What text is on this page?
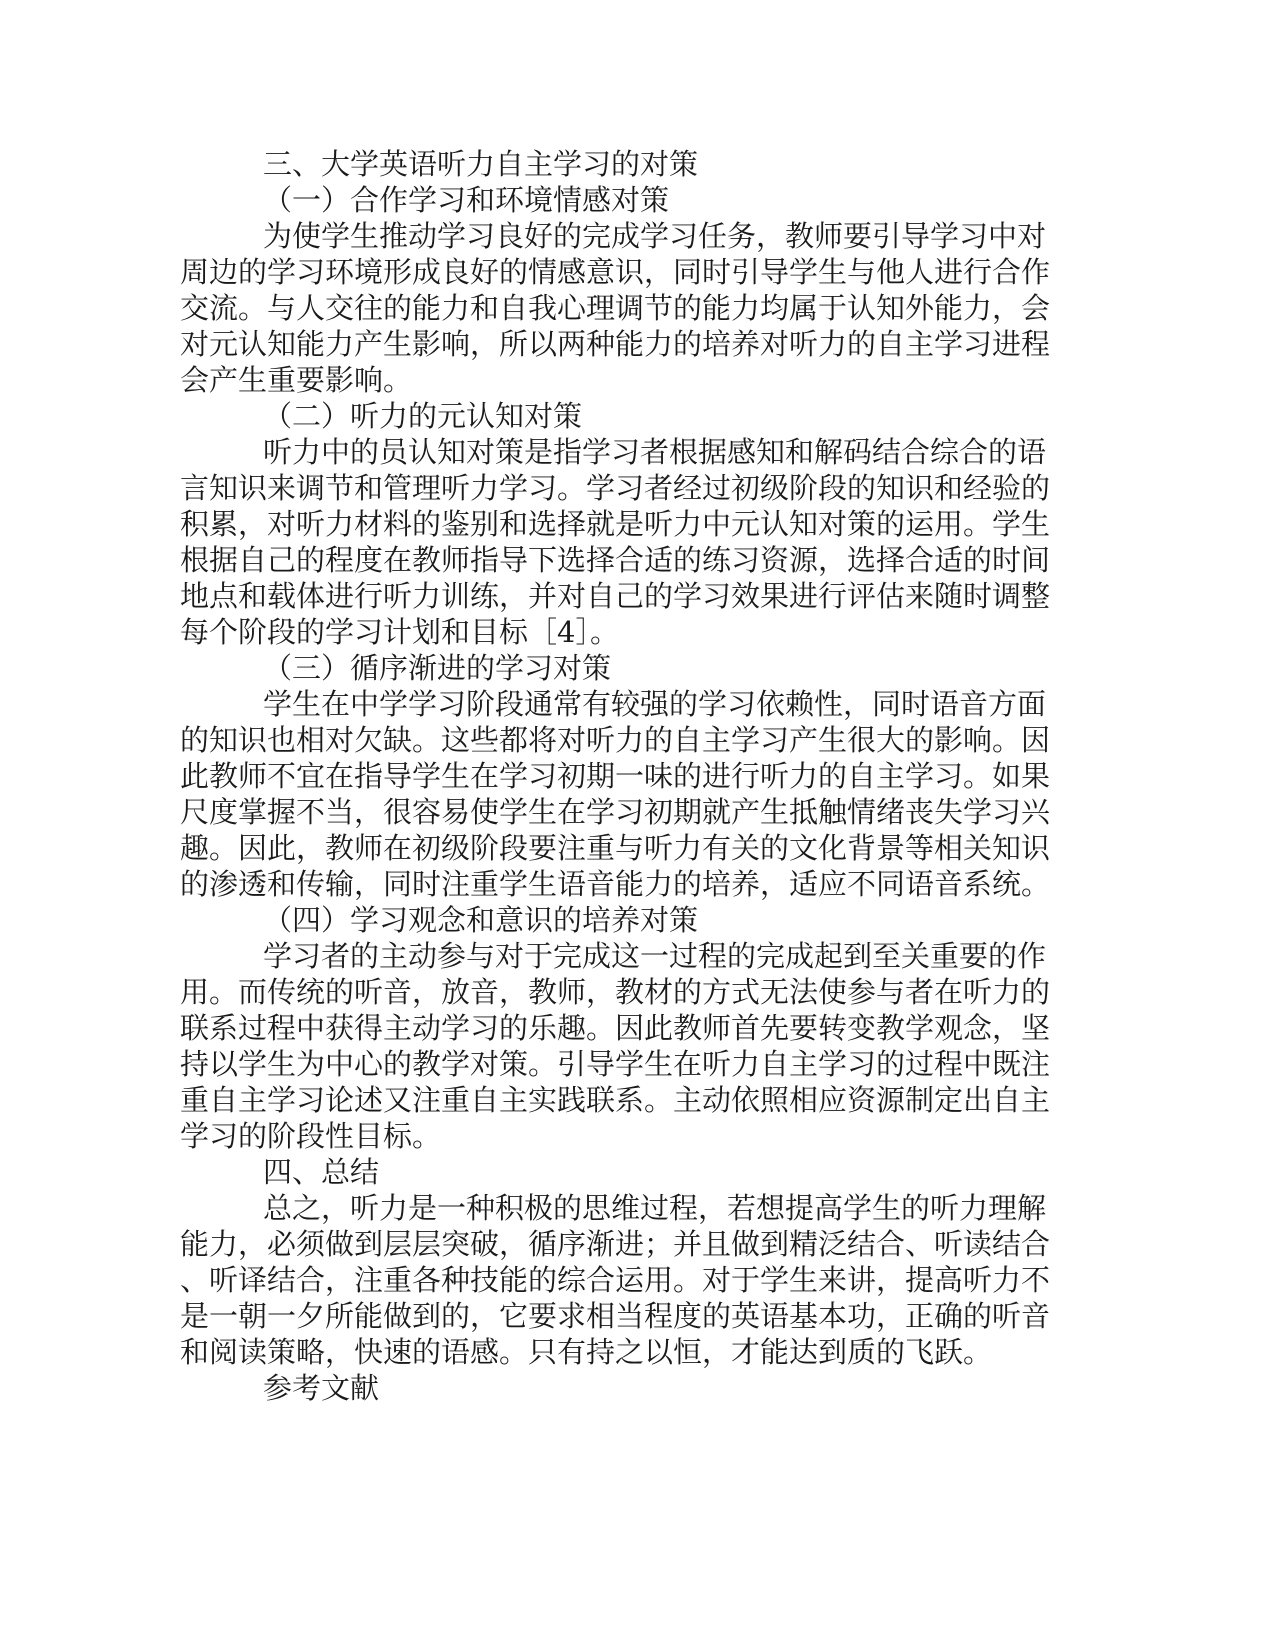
三、大学英语听力自主学习的对策

（一）合作学习和环境情感对策

为使学生推动学习良好的完成学习任务，教师要引导学习中对

周边的学习环境形成良好的情感意识，同时引导学生与他人进行合作

交流。与人交往的能力和自我心理调节的能力均属于认知外能力，会

对元认知能力产生影响，所以两种能力的培养对听力的自主学习进程

会产生重要影响。

（二）听力的元认知对策

听力中的员认知对策是指学习者根据感知和解码结合综合的语

言知识来调节和管理听力学习。学习者经过初级阶段的知识和经验的

积累，对听力材料的鉴别和选择就是听力中元认知对策的运用。学生

根据自己的程度在教师指导下选择合适的练习资源，选择合适的时间

地点和载体进行听力训练，并对自己的学习效果进行评估来随时调整

每个阶段的学习计划和目标［4］。

（三）循序渐进的学习对策

学生在中学学习阶段通常有较强的学习依赖性，同时语音方面

的知识也相对欠缺。这些都将对听力的自主学习产生很大的影响。因

此教师不宜在指导学生在学习初期一味的进行听力的自主学习。如果

尺度掌握不当，很容易使学生在学习初期就产生抵触情绪丧失学习兴

趣。因此，教师在初级阶段要注重与听力有关的文化背景等相关知识

的渗透和传输，同时注重学生语音能力的培养，适应不同语音系统。

（四）学习观念和意识的培养对策

学习者的主动参与对于完成这一过程的完成起到至关重要的作

用。而传统的听音，放音，教师，教材的方式无法使参与者在听力的

联系过程中获得主动学习的乐趣。因此教师首先要转变教学观念，坚

持以学生为中心的教学对策。引导学生在听力自主学习的过程中既注

重自主学习论述又注重自主实践联系。主动依照相应资源制定出自主

学习的阶段性目标。

四、总结

总之，听力是一种积极的思维过程，若想提高学生的听力理解

能力，必须做到层层突破，循序渐进；并且做到精泛结合、听读结合

、听译结合，注重各种技能的综合运用。对于学生来讲，提高听力不

是一朝一夕所能做到的，它要求相当程度的英语基本功，正确的听音

和阅读策略，快速的语感。只有持之以恒，才能达到质的飞跃。

参考文献
